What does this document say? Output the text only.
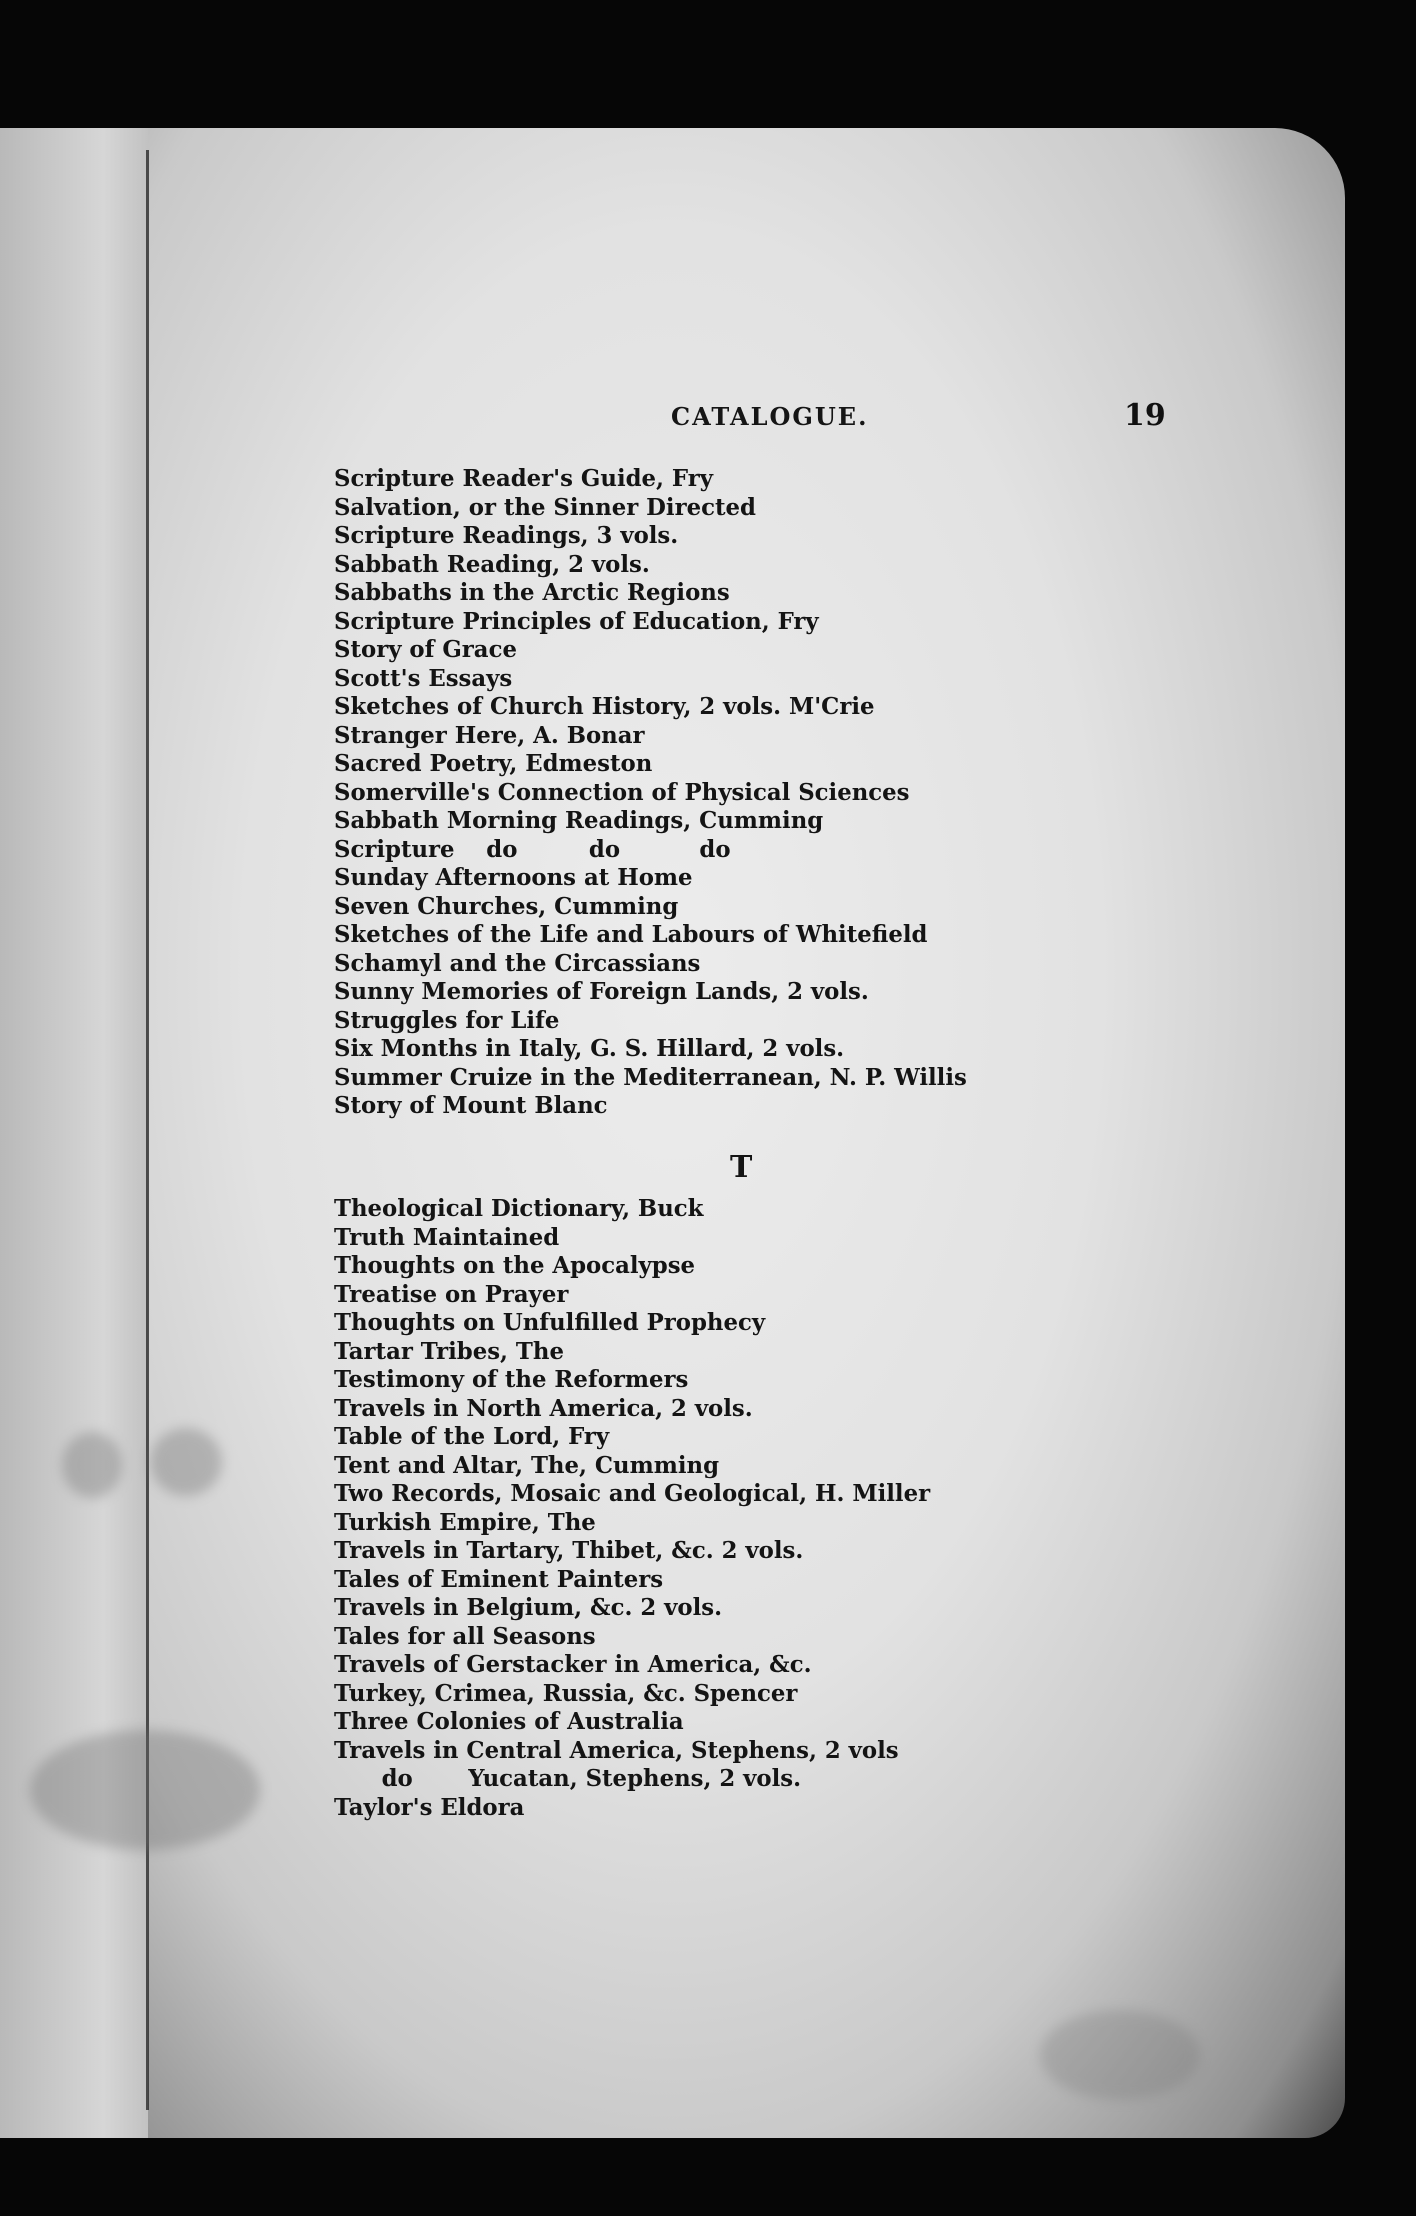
CATALOGUE.	19
Scripture Reader's Guide, Fry
Salvation, or the Sinner Directed
Scripture Readings, 3 vols.
Sabbath Reading, 2 vols.
Sabbaths in the Arctic Regions
Scripture Principles of Education, Fry
Story of Grace
Scott's Essays
Sketches of Church History, 2 vols. M'Crie
Stranger Here, A. Bonar
Sacred Poetry, Edmeston
Somerville's Connection of Physical Sciences
Sabbath Morning Readings, Cumming
Scripture    do         do          do
Sunday Afternoons at Home
Seven Churches, Cumming
Sketches of the Life and Labours of Whitefield
Schamyl and the Circassians
Sunny Memories of Foreign Lands, 2 vols.
Struggles for Life
Six Months in Italy, G. S. Hillard, 2 vols.
Summer Cruize in the Mediterranean, N. P. Willis
Story of Mount Blanc
T
Theological Dictionary, Buck
Truth Maintained
Thoughts on the Apocalypse
Treatise on Prayer
Thoughts on Unfulfilled Prophecy
Tartar Tribes, The
Testimony of the Reformers
Travels in North America, 2 vols.
Table of the Lord, Fry
Tent and Altar, The, Cumming
Two Records, Mosaic and Geological, H. Miller
Turkish Empire, The
Travels in Tartary, Thibet, &c. 2 vols.
Tales of Eminent Painters
Travels in Belgium, &c. 2 vols.
Tales for all Seasons
Travels of Gerstacker in America, &c.
Turkey, Crimea, Russia, &c. Spencer
Three Colonies of Australia
Travels in Central America, Stephens, 2 vols
do       Yucatan, Stephens, 2 vols.
Taylor's Eldora
